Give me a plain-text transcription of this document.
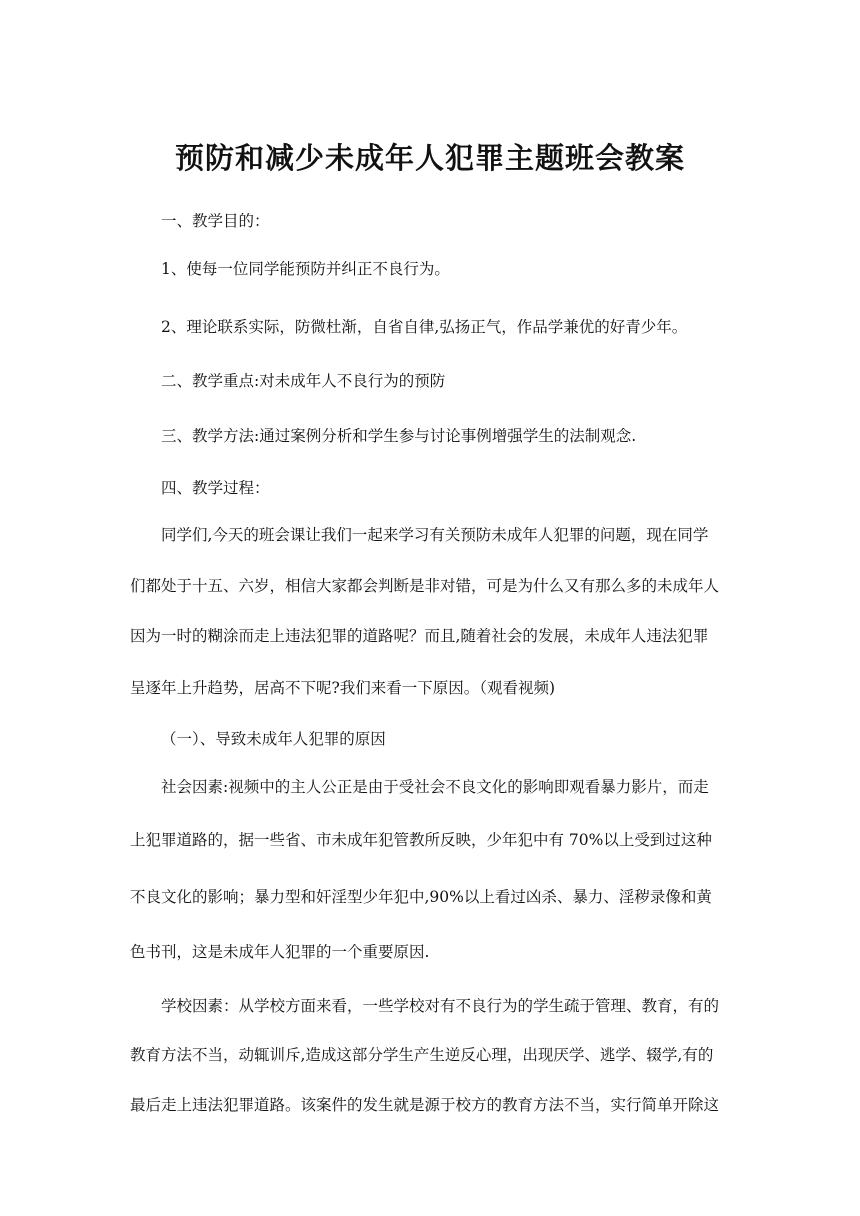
预防和减少未成年人犯罪主题班会教案
一、教学目的：
1、使每一位同学能预防并纠正不良行为。
2、理论联系实际，防微杜渐，自省自律,弘扬正气，作品学兼优的好青少年。
二、教学重点:对未成年人不良行为的预防
三、教学方法:通过案例分析和学生参与讨论事例增强学生的法制观念.
四、教学过程：
同学们,今天的班会课让我们一起来学习有关预防未成年人犯罪的问题，现在同学
们都处于十五、六岁，相信大家都会判断是非对错，可是为什么又有那么多的未成年人
因为一时的糊涂而走上违法犯罪的道路呢？而且,随着社会的发展，未成年人违法犯罪
呈逐年上升趋势，居高不下呢?我们来看一下原因。（观看视频)
（一）、导致未成年人犯罪的原因
社会因素:视频中的主人公正是由于受社会不良文化的影响即观看暴力影片，而走
上犯罪道路的，据一些省、市未成年犯管教所反映，少年犯中有 70%以上受到过这种
不良文化的影响；暴力型和奸淫型少年犯中,90%以上看过凶杀、暴力、淫秽录像和黄
色书刊，这是未成年人犯罪的一个重要原因.
学校因素：从学校方面来看，一些学校对有不良行为的学生疏于管理、教育，有的
教育方法不当，动辄训斥,造成这部分学生产生逆反心理，出现厌学、逃学、辍学,有的
最后走上违法犯罪道路。该案件的发生就是源于校方的教育方法不当，实行简单开除这
